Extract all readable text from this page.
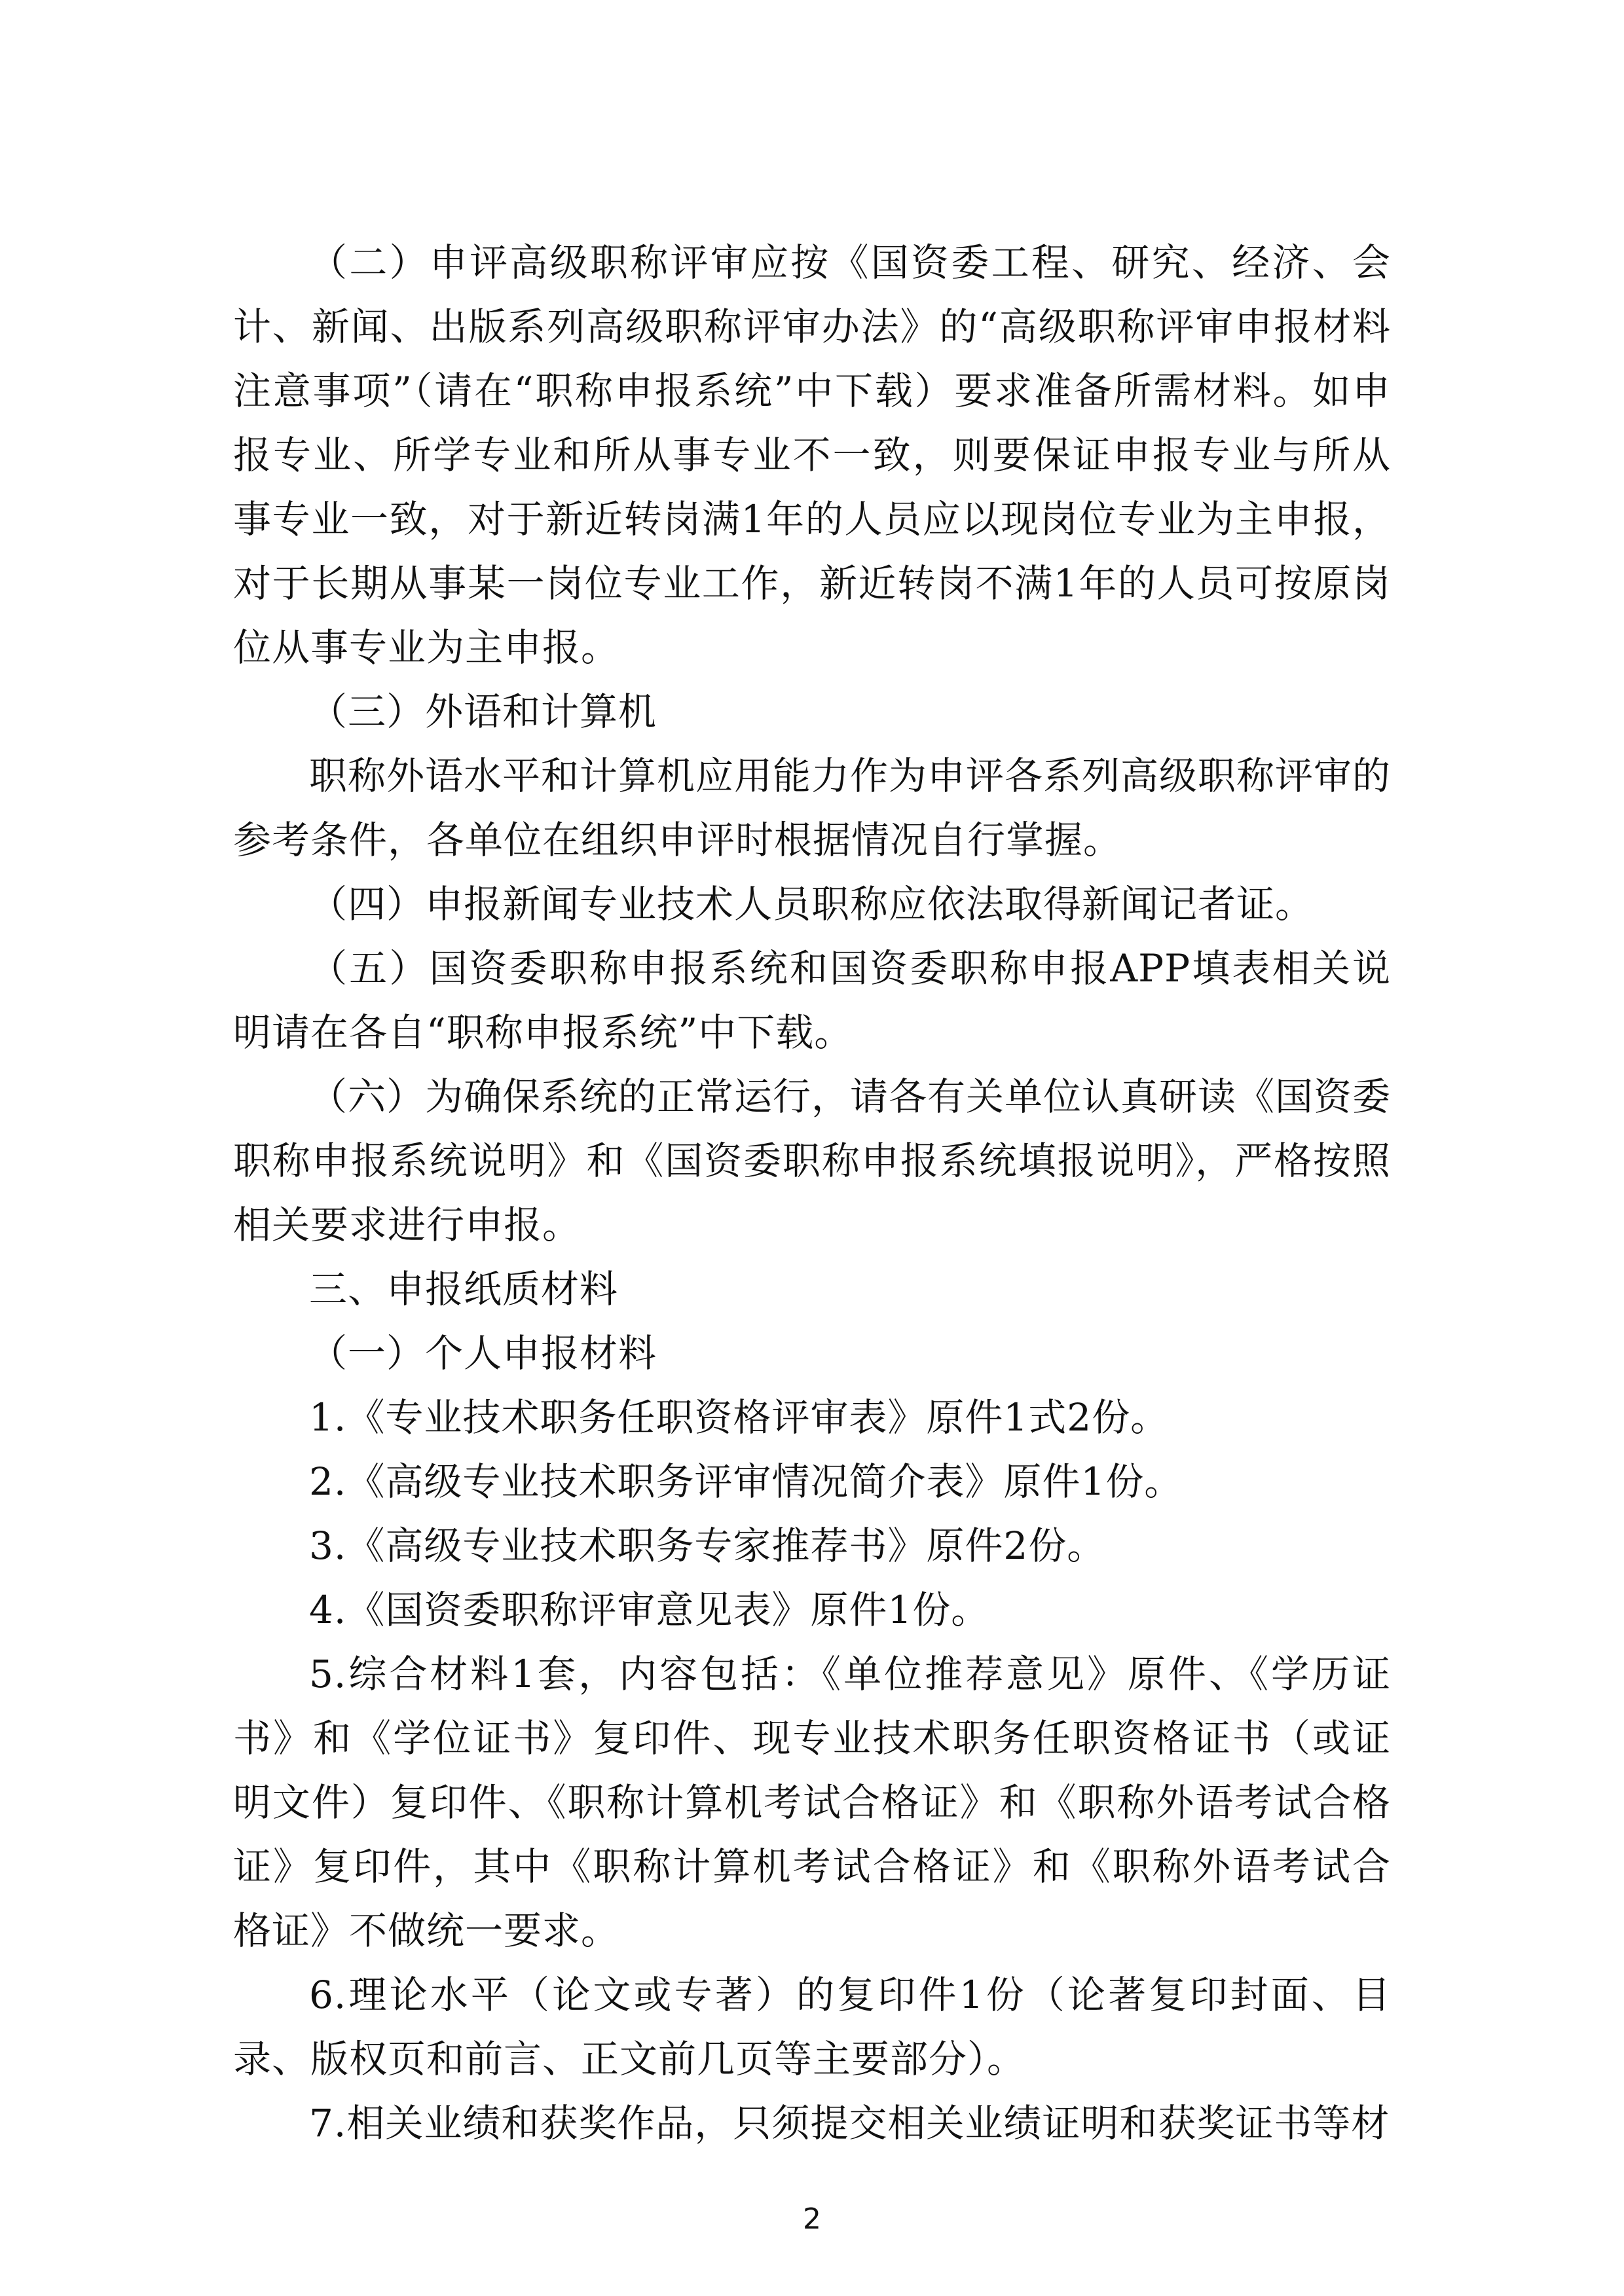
（二）申评高级职称评审应按《国资委工程、研究、经济、会计、新闻、出版系列高级职称评审办法》的“高级职称评审申报材料注意事项”（请在“职称申报系统”中下载）要求准备所需材料。如申报专业、所学专业和所从事专业不一致，则要保证申报专业与所从事专业一致，对于新近转岗满1年的人员应以现岗位专业为主申报，对于长期从事某一岗位专业工作，新近转岗不满1年的人员可按原岗位从事专业为主申报。

（三）外语和计算机

职称外语水平和计算机应用能力作为申评各系列高级职称评审的参考条件，各单位在组织申评时根据情况自行掌握。

（四）申报新闻专业技术人员职称应依法取得新闻记者证。

（五）国资委职称申报系统和国资委职称申报APP填表相关说明请在各自“职称申报系统”中下载。

（六）为确保系统的正常运行，请各有关单位认真研读《国资委职称申报系统说明》和《国资委职称申报系统填报说明》，严格按照相关要求进行申报。

三、申报纸质材料

（一）个人申报材料

1.《专业技术职务任职资格评审表》原件1式2份。

2.《高级专业技术职务评审情况简介表》原件1份。

3.《高级专业技术职务专家推荐书》原件2份。

4.《国资委职称评审意见表》原件1份。

5.综合材料1套，内容包括：《单位推荐意见》原件、《学历证书》和《学位证书》复印件、现专业技术职务任职资格证书（或证明文件）复印件、《职称计算机考试合格证》和《职称外语考试合格证》复印件，其中《职称计算机考试合格证》和《职称外语考试合格证》不做统一要求。

6.理论水平（论文或专著）的复印件1份（论著复印封面、目录、版权页和前言、正文前几页等主要部分）。

7.相关业绩和获奖作品，只须提交相关业绩证明和获奖证书等材

2
